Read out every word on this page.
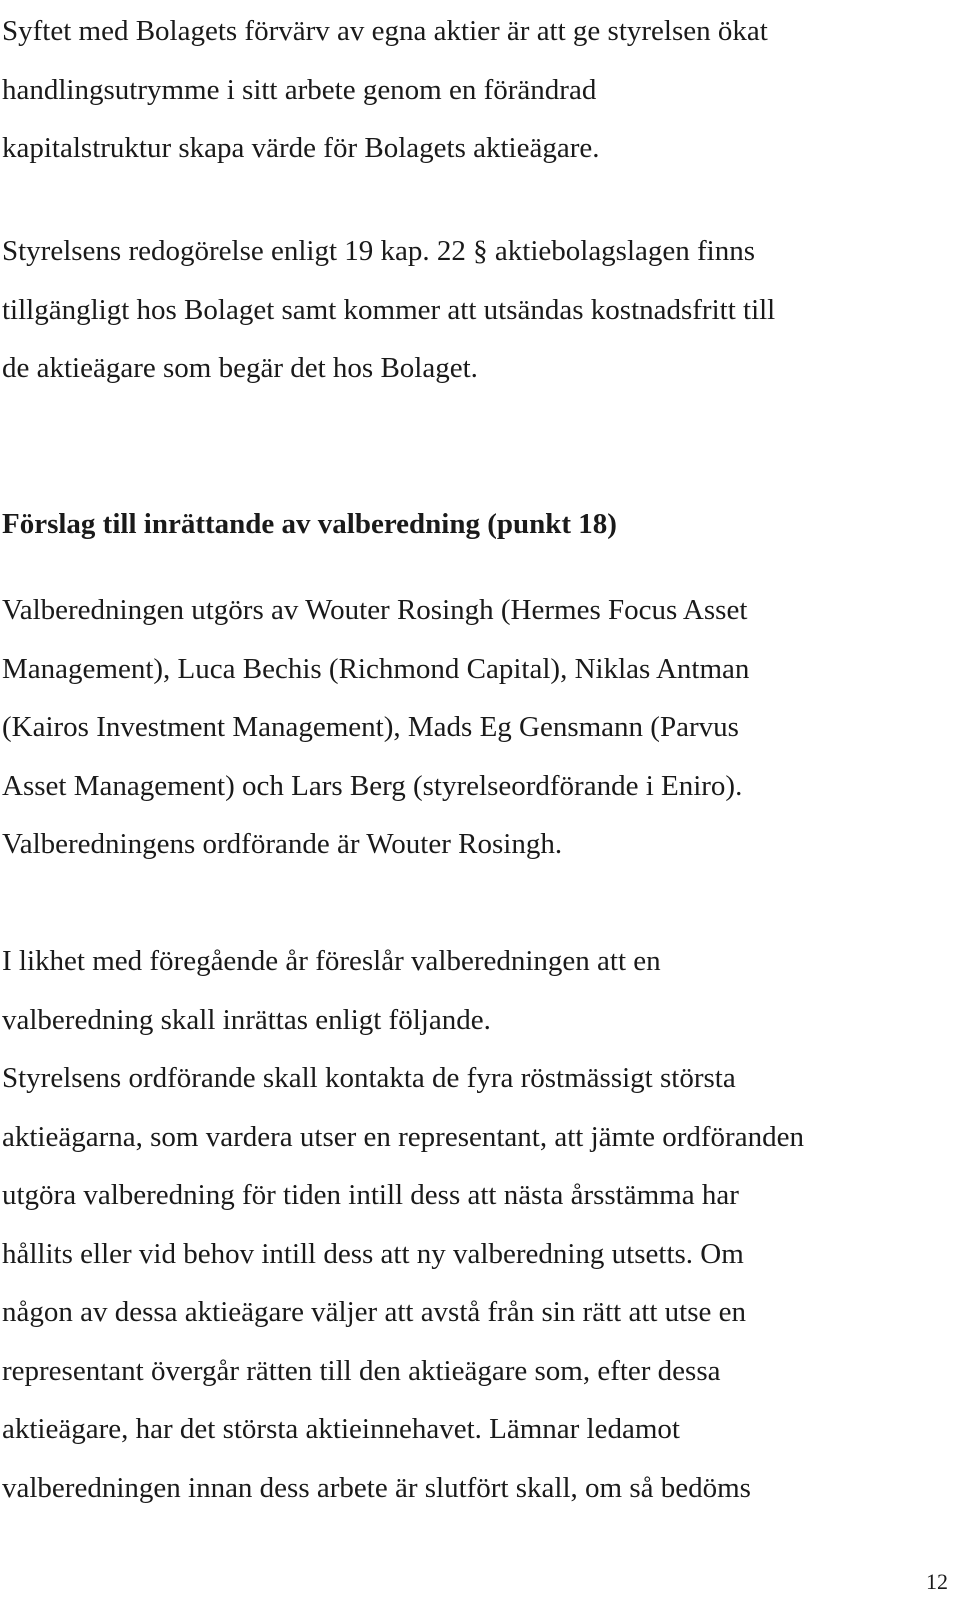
Syftet med Bolagets förvärv av egna aktier är att ge styrelsen ökat
handlingsutrymme i sitt arbete genom en förändrad
kapitalstruktur skapa värde för Bolagets aktieägare.

Styrelsens redogörelse enligt 19 kap. 22 § aktiebolagslagen finns
tillgängligt hos Bolaget samt kommer att utsändas kostnadsfritt till
de aktieägare som begär det hos Bolaget.

Förslag till inrättande av valberedning (punkt 18)

Valberedningen utgörs av Wouter Rosingh (Hermes Focus Asset
Management), Luca Bechis (Richmond Capital), Niklas Antman
(Kairos Investment Management), Mads Eg Gensmann (Parvus
Asset Management) och Lars Berg (styrelseordförande i Eniro).
Valberedningens ordförande är Wouter Rosingh.

I likhet med föregående år föreslår valberedningen att en
valberedning skall inrättas enligt följande.

Styrelsens ordförande skall kontakta de fyra röstmässigt största
aktieägarna, som vardera utser en representant, att jämte ordföranden
utgöra valberedning för tiden intill dess att nästa årsstämma har
hållits eller vid behov intill dess att ny valberedning utsetts. Om
någon av dessa aktieägare väljer att avstå från sin rätt att utse en
representant övergår rätten till den aktieägare som, efter dessa
aktieägare, har det största aktieinnehavet. Lämnar ledamot
valberedningen innan dess arbete är slutfört skall, om så bedöms

12
